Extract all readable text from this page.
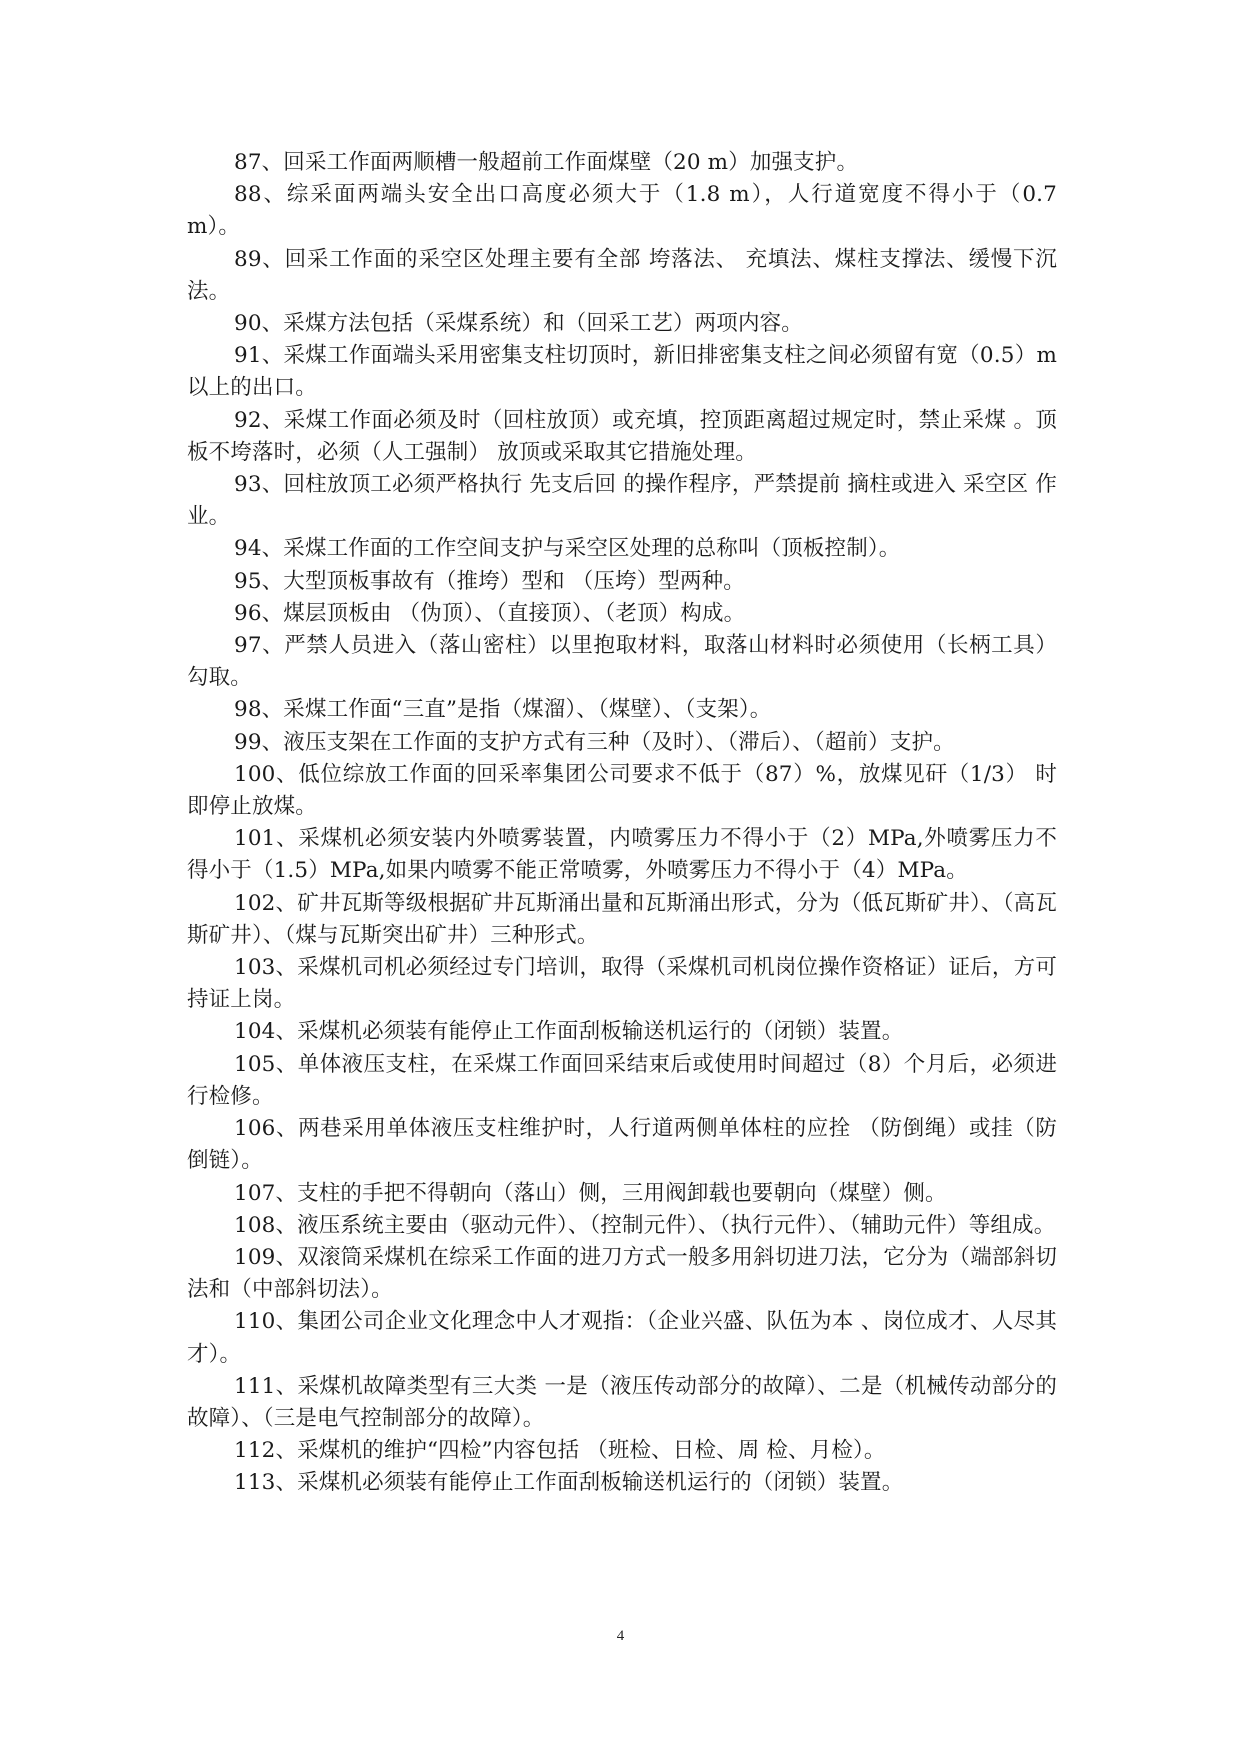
87、回采工作面两顺槽一般超前工作面煤壁（20 m）加强支护。

88、综采面两端头安全出口高度必须大于（1.8 m），人行道宽度不得小于（0.7 m）。

89、回采工作面的采空区处理主要有全部 垮落法、 充填法、煤柱支撑法、缓慢下沉法。

90、采煤方法包括（采煤系统）和（回采工艺）两项内容。

91、采煤工作面端头采用密集支柱切顶时，新旧排密集支柱之间必须留有宽（0.5）m 以上的出口。

92、采煤工作面必须及时（回柱放顶）或充填，控顶距离超过规定时，禁止采煤 。顶板不垮落时，必须（人工强制） 放顶或采取其它措施处理。

93、回柱放顶工必须严格执行 先支后回 的操作程序，严禁提前 摘柱或进入 采空区 作业。

94、采煤工作面的工作空间支护与采空区处理的总称叫（顶板控制）。

95、大型顶板事故有（推垮）型和 （压垮）型两种。

96、煤层顶板由 （伪顶）、（直接顶）、（老顶）构成。

97、严禁人员进入（落山密柱）以里抱取材料，取落山材料时必须使用（长柄工具）勾取。

98、采煤工作面“三直”是指（煤溜）、（煤壁）、（支架）。

99、液压支架在工作面的支护方式有三种（及时）、（滞后）、（超前）支护。

100、低位综放工作面的回采率集团公司要求不低于（87）%，放煤见矸（1/3） 时即停止放煤。

101、采煤机必须安装内外喷雾装置，内喷雾压力不得小于（2）MPa,外喷雾压力不得小于（1.5）MPa,如果内喷雾不能正常喷雾，外喷雾压力不得小于（4）MPa。

102、矿井瓦斯等级根据矿井瓦斯涌出量和瓦斯涌出形式，分为（低瓦斯矿井）、（高瓦斯矿井）、（煤与瓦斯突出矿井）三种形式。

103、采煤机司机必须经过专门培训，取得（采煤机司机岗位操作资格证）证后，方可持证上岗。

104、采煤机必须装有能停止工作面刮板输送机运行的（闭锁）装置。

105、单体液压支柱，在采煤工作面回采结束后或使用时间超过（8）个月后，必须进行检修。

106、两巷采用单体液压支柱维护时，人行道两侧单体柱的应拴 （防倒绳）或挂（防倒链）。

107、支柱的手把不得朝向（落山）侧，三用阀卸载也要朝向（煤壁）侧。

108、液压系统主要由（驱动元件）、（控制元件）、（执行元件）、（辅助元件）等组成。

109、双滚筒采煤机在综采工作面的进刀方式一般多用斜切进刀法，它分为（端部斜切法和（中部斜切法）。

110、集团公司企业文化理念中人才观指：（企业兴盛、队伍为本 、岗位成才、人尽其才）。

111、采煤机故障类型有三大类 一是（液压传动部分的故障）、二是（机械传动部分的故障）、（三是电气控制部分的故障）。

112、采煤机的维护“四检”内容包括 （班检、日检、周 检、月检）。

113、采煤机必须装有能停止工作面刮板输送机运行的（闭锁）装置。

4
